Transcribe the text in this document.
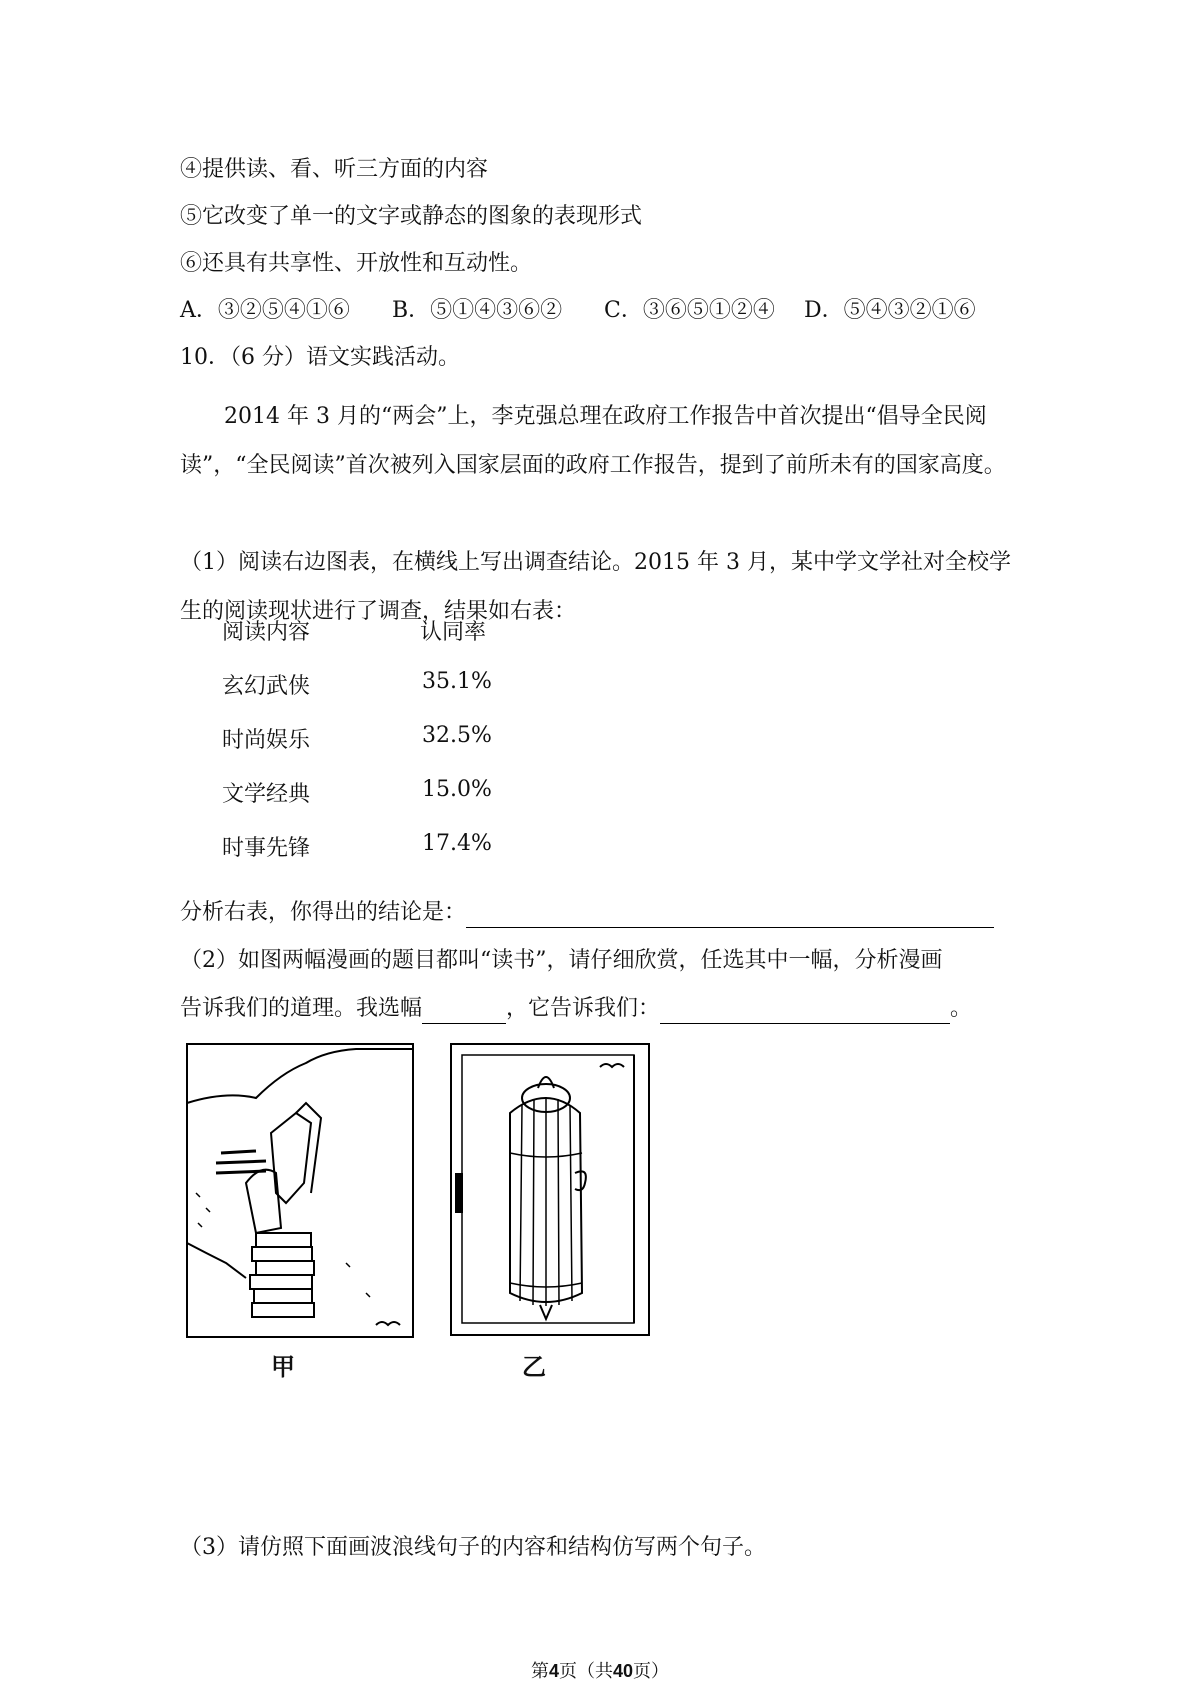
④提供读、看、听三方面的内容
⑤它改变了单一的文字或静态的图象的表现形式
⑥还具有共享性、开放性和互动性。
A．③②⑤④①⑥ B．⑤①④③⑥② C．③⑥⑤①②④ D．⑤④③②①⑥
10．（6 分）语文实践活动。
2014 年 3 月的“两会”上，李克强总理在政府工作报告中首次提出“倡导全民阅读”，“全民阅读”首次被列入国家层面的政府工作报告，提到了前所未有的国家高度。
（1）阅读右边图表，在横线上写出调查结论。2015 年 3 月，某中学文学社对全校学生的阅读现状进行了调查，结果如右表：
阅读内容	认同率
玄幻武侠	35.1%
时尚娱乐	32.5%
文学经典	15.0%
时事先锋	17.4%
分析右表，你得出的结论是：
（2）如图两幅漫画的题目都叫“读书”，请仔细欣赏，任选其中一幅，分析漫画
告诉我们的道理。我选幅	，它告诉我们：	。
甲	乙
（3）请仿照下面画波浪线句子的内容和结构仿写两个句子。
第4页（共40页）
